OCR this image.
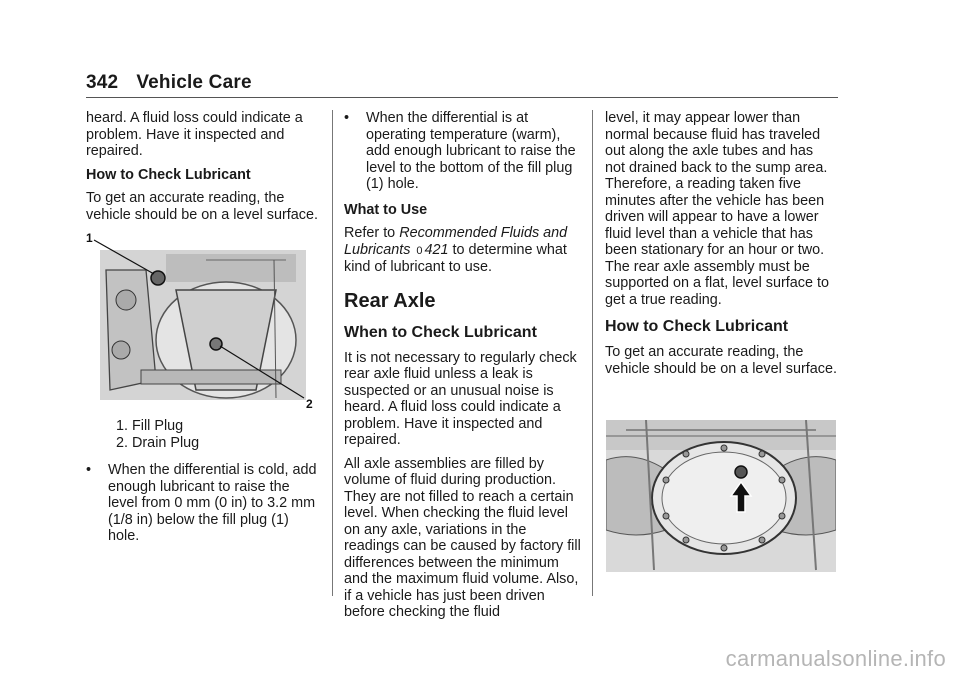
342 Vehicle Care

heard. A fluid loss could indicate a problem. Have it inspected and repaired.

How to Check Lubricant

To get an accurate reading, the vehicle should be on a level surface.

1
2
1. Fill Plug
2. Drain Plug
• When the differential is cold, add enough lubricant to raise the level from 0 mm (0 in) to 3.2 mm (1/8 in) below the fill plug (1) hole.
• When the differential is at operating temperature (warm), add enough lubricant to raise the level to the bottom of the fill plug (1) hole.

What to Use

Refer to Recommended Fluids and Lubricants 0 421 to determine what kind of lubricant to use.

Rear Axle
When to Check Lubricant

It is not necessary to regularly check rear axle fluid unless a leak is suspected or an unusual noise is heard. A fluid loss could indicate a problem. Have it inspected and repaired.

All axle assemblies are filled by volume of fluid during production. They are not filled to reach a certain level. When checking the fluid level on any axle, variations in the readings can be caused by factory fill differences between the minimum and the maximum fluid volume. Also, if a vehicle has just been driven before checking the fluid

level, it may appear lower than normal because fluid has traveled out along the axle tubes and has not drained back to the sump area. Therefore, a reading taken five minutes after the vehicle has been driven will appear to have a lower fluid level than a vehicle that has been stationary for an hour or two. The rear axle assembly must be supported on a flat, level surface to get a true reading.

How to Check Lubricant

To get an accurate reading, the vehicle should be on a level surface.

carmanualsonline.info
